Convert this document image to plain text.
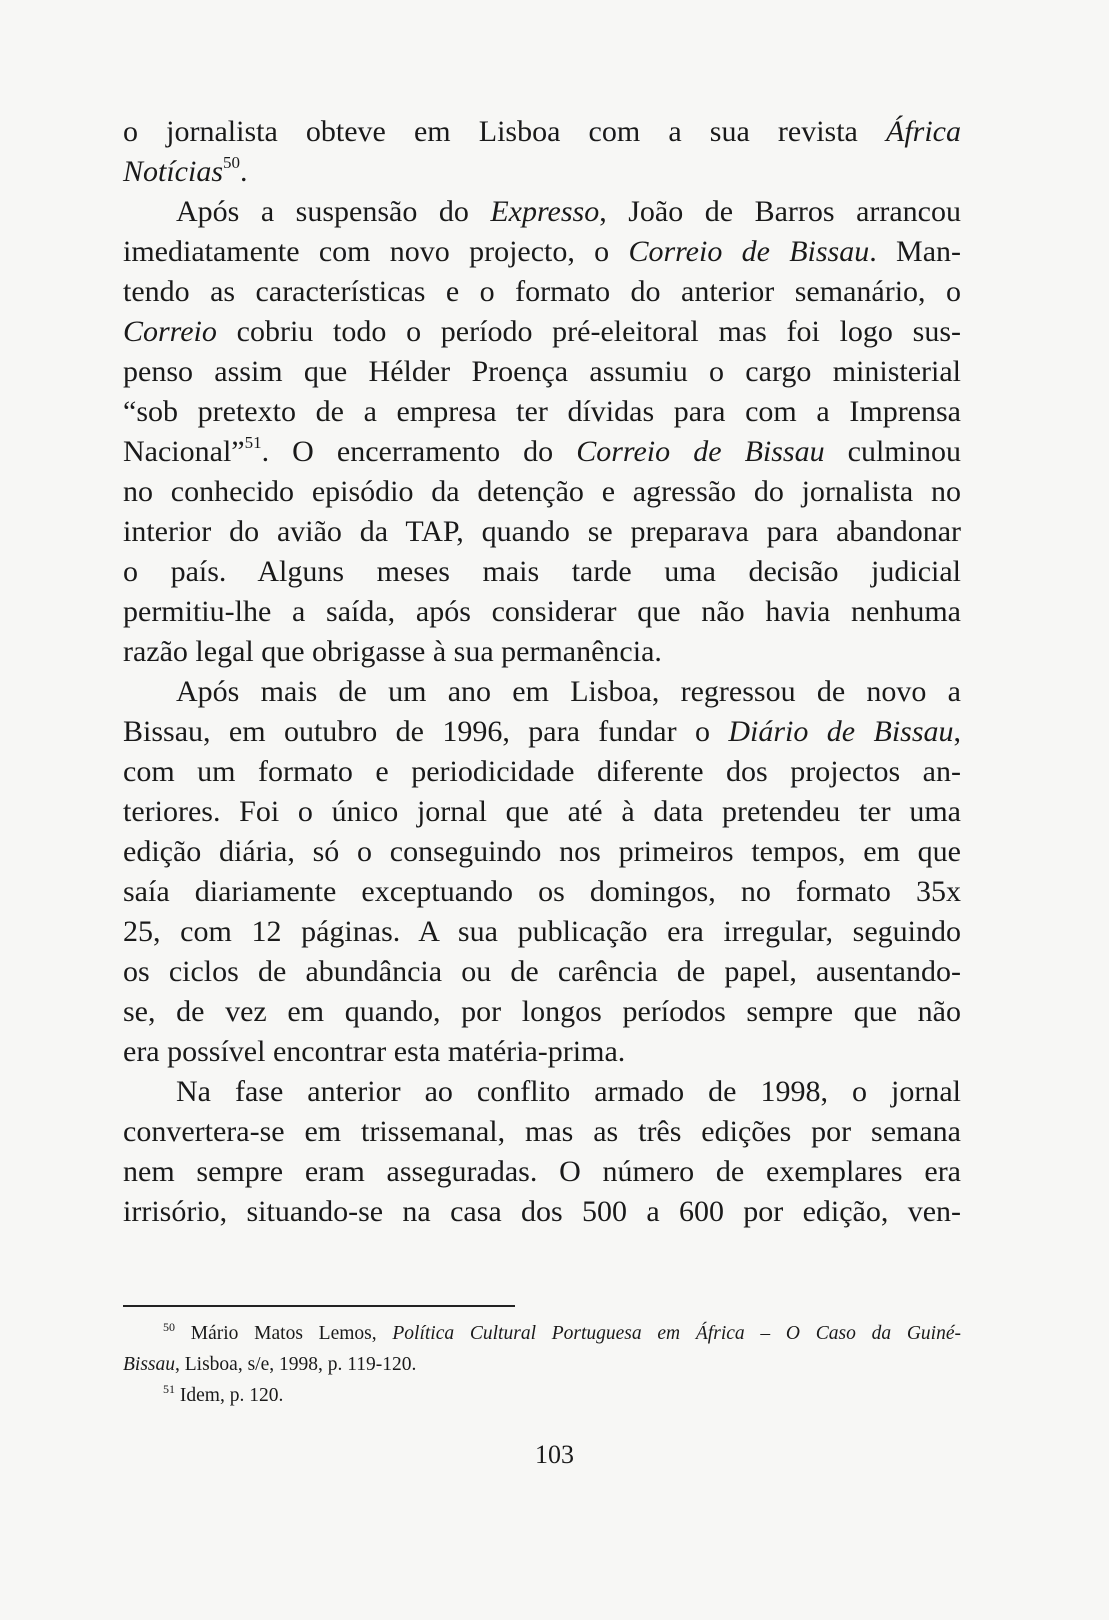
o jornalista obteve em Lisboa com a sua revista África
Notícias$^{50}$.
Após a suspensão do Expresso, João de Barros arrancou
imediatamente com novo projecto, o Correio de Bissau. Man-
tendo as características e o formato do anterior semanário, o
Correio cobriu todo o período pré-eleitoral mas foi logo sus-
penso assim que Hélder Proença assumiu o cargo ministerial
“sob pretexto de a empresa ter dívidas para com a Imprensa
Nacional”$^{51}$. O encerramento do Correio de Bissau culminou
no conhecido episódio da detenção e agressão do jornalista no
interior do avião da TAP, quando se preparava para abandonar
o país. Alguns meses mais tarde uma decisão judicial
permitiu-lhe a saída, após considerar que não havia nenhuma
razão legal que obrigasse à sua permanência.
Após mais de um ano em Lisboa, regressou de novo a
Bissau, em outubro de 1996, para fundar o Diário de Bissau,
com um formato e periodicidade diferente dos projectos an-
teriores. Foi o único jornal que até à data pretendeu ter uma
edição diária, só o conseguindo nos primeiros tempos, em que
saía diariamente exceptuando os domingos, no formato 35x
25, com 12 páginas. A sua publicação era irregular, seguindo
os ciclos de abundância ou de carência de papel, ausentando-
se, de vez em quando, por longos períodos sempre que não
era possível encontrar esta matéria-prima.
Na fase anterior ao conflito armado de 1998, o jornal
convertera-se em trissemanal, mas as três edições por semana
nem sempre eram asseguradas. O número de exemplares era
irrisório, situando-se na casa dos 500 a 600 por edição, ven-
$^{50}$ Mário Matos Lemos, Política Cultural Portuguesa em África – O Caso da Guiné-
Bissau, Lisboa, s/e, 1998, p. 119-120.
$^{51}$ Idem, p. 120.
103
